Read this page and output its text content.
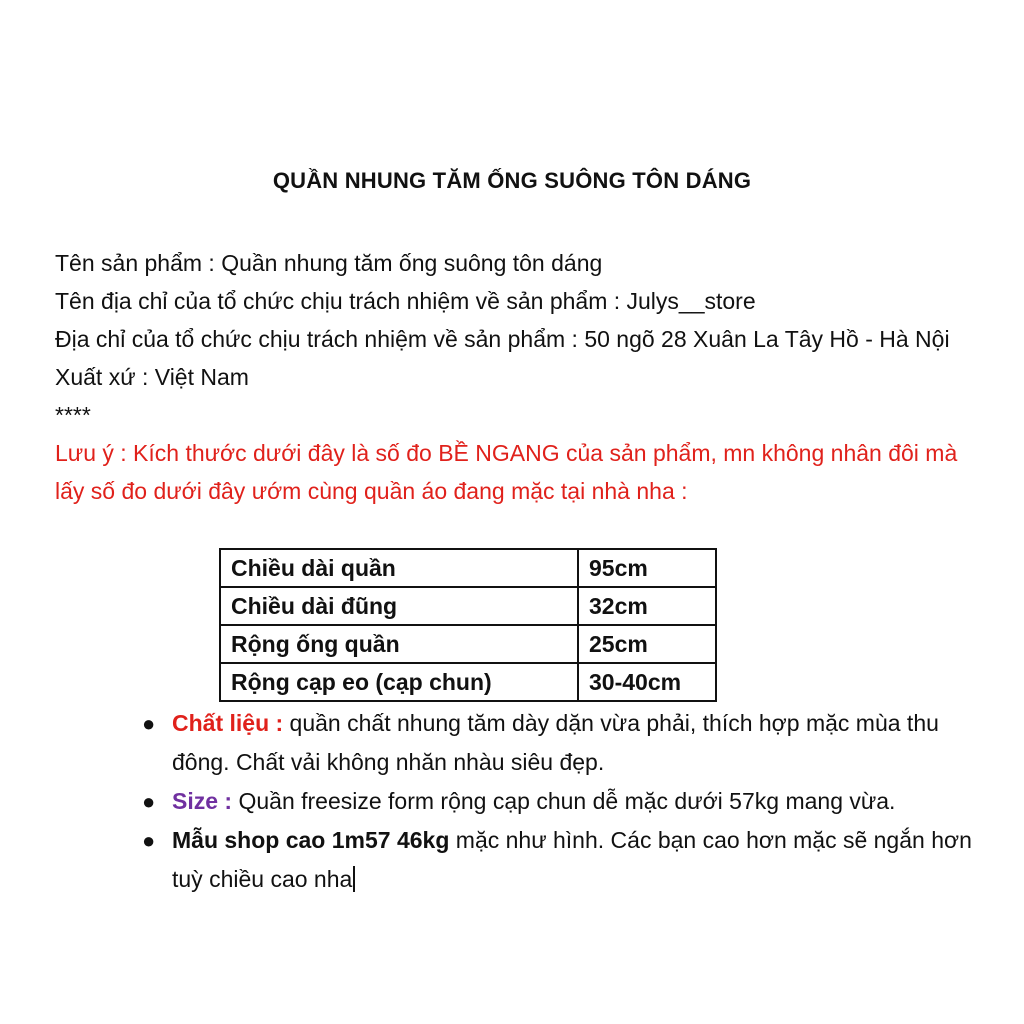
QUẦN NHUNG TĂM ỐNG SUÔNG TÔN DÁNG

Tên sản phẩm : Quần nhung tăm ống suông tôn dáng

Tên địa chỉ của tổ chức chịu trách nhiệm về sản phẩm : Julys__store

Địa chỉ của tổ chức chịu trách nhiệm về sản phẩm : 50 ngõ 28 Xuân La Tây Hồ - Hà Nội

Xuất xứ : Việt Nam

****

Lưu ý : Kích thước dưới đây là số đo BỀ NGANG của sản phẩm, mn không nhân đôi mà lấy số đo dưới đây ướm cùng quần áo đang mặc tại nhà nha :

Chiều dài quần	95cm
Chiều dài đũng	32cm
Rộng ống quần	25cm
Rộng cạp eo (cạp chun)	30-40cm
● Chất liệu : quần chất nhung tăm dày dặn vừa phải, thích hợp mặc mùa thu đông. Chất vải không nhăn nhàu siêu đẹp.
● Size : Quần freesize form rộng cạp chun dễ mặc dưới 57kg mang vừa.
● Mẫu shop cao 1m57 46kg mặc như hình. Các bạn cao hơn mặc sẽ ngắn hơn tuỳ chiều cao nha
